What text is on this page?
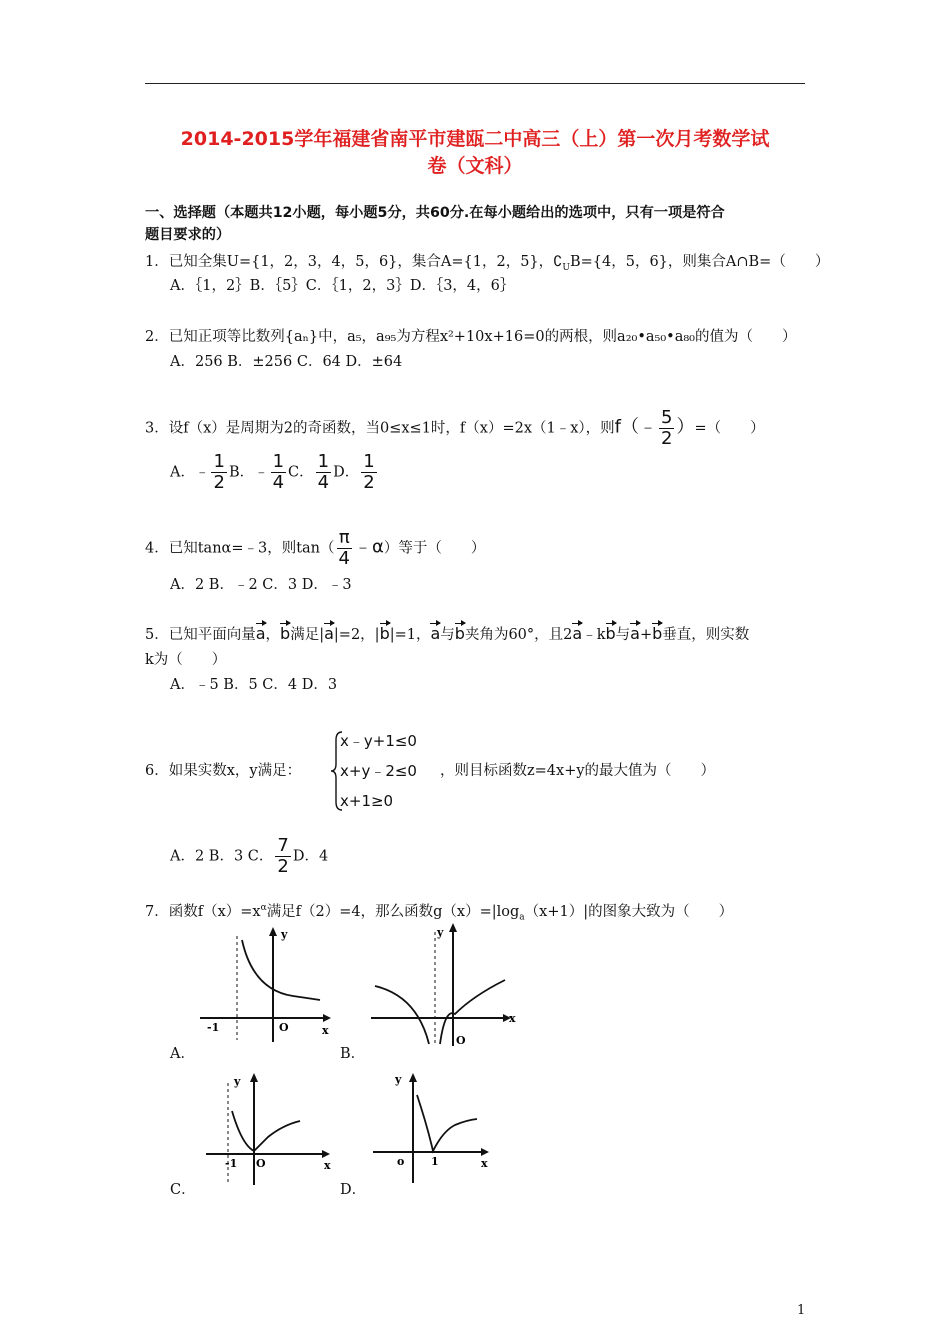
2014-2015学年福建省南平市建瓯二中高三（上）第一次月考数学试
卷（文科）
一、选择题（本题共12小题，每小题5分，共60分.在每小题给出的选项中，只有一项是符合
题目要求的）
1．已知全集U={1，2，3，4，5，6}，集合A={1，2，5}，$∁_UB=\{4$，5，6}，则集合A∩B=（　　）
A．｛1，2｝B．｛5｝C．｛1，2，3｝D．｛3，4，6｝
2．已知正项等比数列{aₙ}中，a₅，a₉₅为方程x²+10x+16=0的两根，则a₂₀•a₅₀•a₈₀的值为（　　）
A．256 B．±256 C．64 D．±64
3．设f（x）是周期为2的奇函数，当0≤x≤1时，f（x）=2x（1﹣x），则f（﹣ $\frac{5}{2}$ ）=（　　）
A．﹣ $\frac{1}{2}$ B．﹣ $\frac{1}{4}$ C． $\frac{1}{4}$ D． $\frac{1}{2}$
4．已知tanα=﹣3，则$\tan( \frac{\pi}{4}$ ﹣α）等于（　　）
A．2 B．﹣2 C．3 D．﹣3
5．已知平面向量a，b满足|a|=2，|b|=1，a与b夹角为60°，且2a﹣kb与a+b垂直，则实数
k为（　　）
A．﹣5 B．5 C．4 D．3
6．如果实数x，y满足：
x﹣y+1≤0
x+y﹣2≤0
x+1≥0
，则目标函数z=4x+y的最大值为（　　）
A．2 B．3 C． $\frac{7}{2}$ D．4
7．函数$f(x)=x^\alpha$满足f（2）=4，那么函数$g(x)=|\log_a(x+1)|$的图象大致为（　　）
-1	O	x
y
A．
O
x
y
B．
-1 O	x
y
C．
o 1	x
y
D．
1
